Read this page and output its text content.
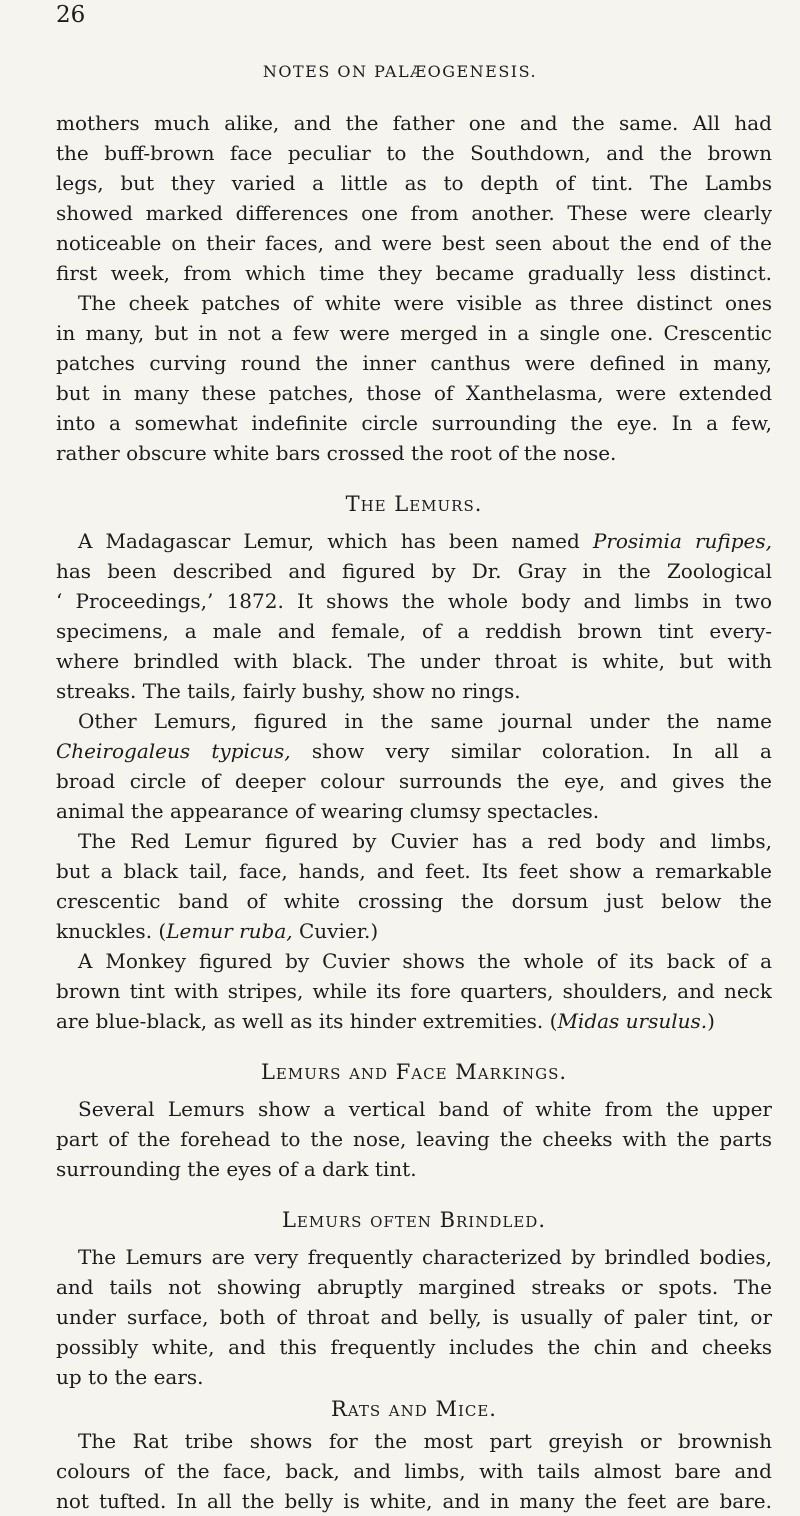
26
NOTES ON PALÆOGENESIS.
mothers much alike, and the father one and the same. All had
the buff-brown face peculiar to the Southdown, and the brown
legs, but they varied a little as to depth of tint. The Lambs
showed marked differences one from another. These were clearly
noticeable on their faces, and were best seen about the end of the
first week, from which time they became gradually less distinct.
The cheek patches of white were visible as three distinct ones
in many, but in not a few were merged in a single one. Crescentic
patches curving round the inner canthus were defined in many,
but in many these patches, those of Xanthelasma, were extended
into a somewhat indefinite circle surrounding the eye. In a few,
rather obscure white bars crossed the root of the nose.
The Lemurs.
A Madagascar Lemur, which has been named Prosimia rufipes,
has been described and figured by Dr. Gray in the Zoological
‘ Proceedings,’ 1872. It shows the whole body and limbs in two
specimens, a male and female, of a reddish brown tint every-
where brindled with black. The under throat is white, but with
streaks. The tails, fairly bushy, show no rings.
Other Lemurs, figured in the same journal under the name
Cheirogaleus typicus, show very similar coloration. In all a
broad circle of deeper colour surrounds the eye, and gives the
animal the appearance of wearing clumsy spectacles.
The Red Lemur figured by Cuvier has a red body and limbs,
but a black tail, face, hands, and feet. Its feet show a remarkable
crescentic band of white crossing the dorsum just below the
knuckles. (Lemur ruba, Cuvier.)
A Monkey figured by Cuvier shows the whole of its back of a
brown tint with stripes, while its fore quarters, shoulders, and neck
are blue-black, as well as its hinder extremities. (Midas ursulus.)
Lemurs and Face Markings.
Several Lemurs show a vertical band of white from the upper
part of the forehead to the nose, leaving the cheeks with the parts
surrounding the eyes of a dark tint.
Lemurs often Brindled.
The Lemurs are very frequently characterized by brindled bodies,
and tails not showing abruptly margined streaks or spots. The
under surface, both of throat and belly, is usually of paler tint, or
possibly white, and this frequently includes the chin and cheeks
up to the ears.
Rats and Mice.
The Rat tribe shows for the most part greyish or brownish
colours of the face, back, and limbs, with tails almost bare and
not tufted. In all the belly is white, and in many the feet are bare.
